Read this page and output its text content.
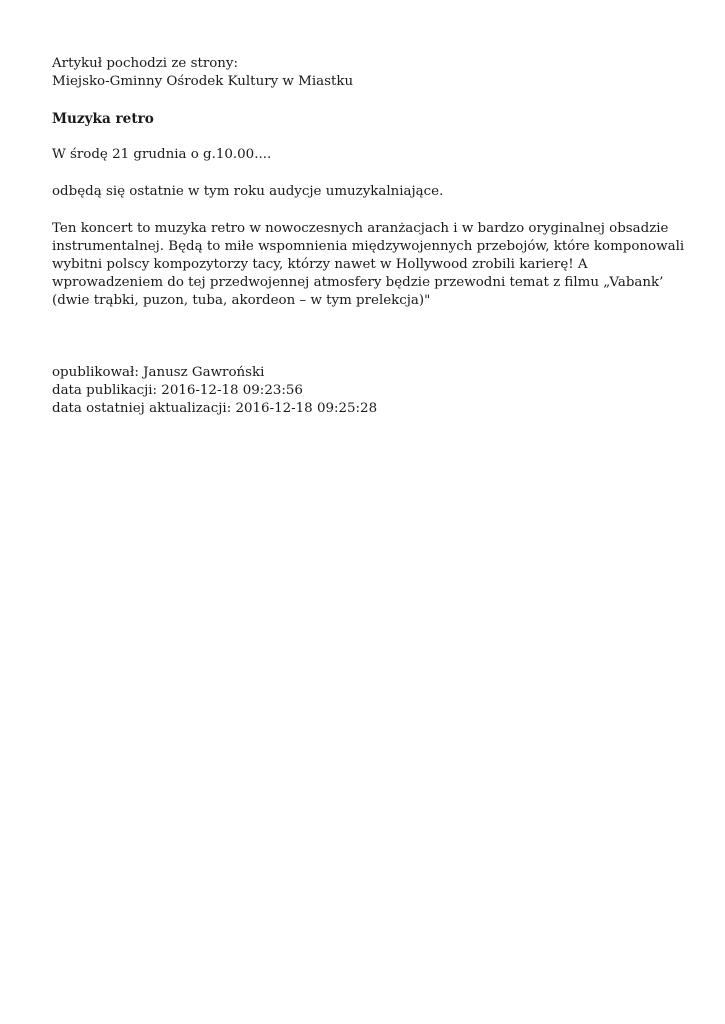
Artykuł pochodzi ze strony:
Miejsko-Gminny Ośrodek Kultury w Miastku
Muzyka retro
W środę 21 grudnia o g.10.00....
odbędą się ostatnie w tym roku audycje umuzykalniające.
Ten koncert to muzyka retro w nowoczesnych aranżacjach i w bardzo oryginalnej obsadzie instrumentalnej. Będą to miłe wspomnienia międzywojennych przebojów, które komponowali wybitni polscy kompozytorzy tacy, którzy nawet w Hollywood zrobili karierę! A wprowadzeniem do tej przedwojennej atmosfery będzie przewodni temat z filmu „Vabank’ (dwie trąbki, puzon, tuba, akordeon – w tym prelekcja)"
opublikował: Janusz Gawroński
data publikacji: 2016-12-18 09:23:56
data ostatniej aktualizacji: 2016-12-18 09:25:28
